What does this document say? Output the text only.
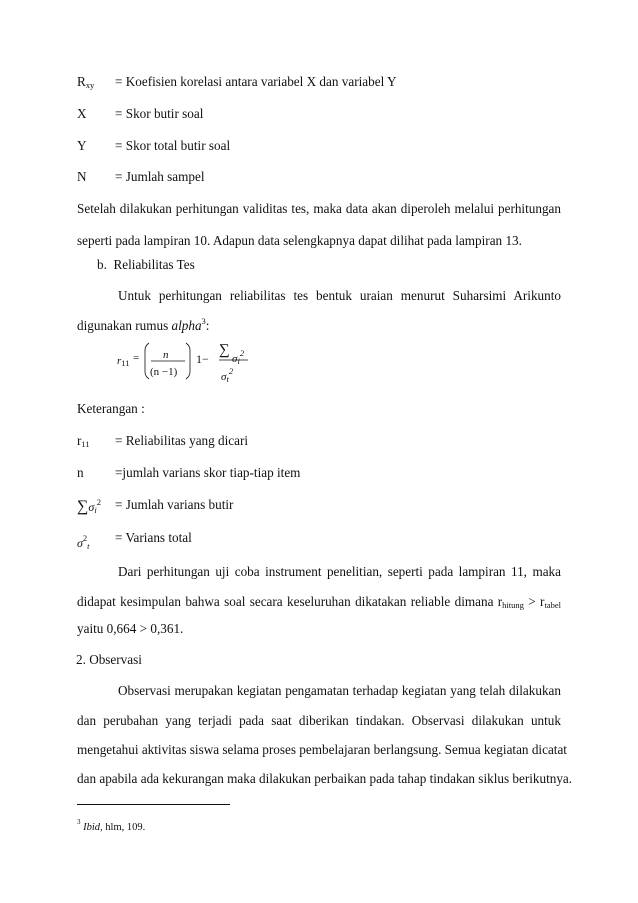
$R_{xy}$ = Koefisien korelasi antara variabel X dan variabel Y
X = Skor butir soal
Y = Skor total butir soal
N = Jumlah sampel
Setelah dilakukan perhitungan validitas tes, maka data akan diperoleh melalui perhitungan
seperti pada lampiran 10. Adapun data selengkapnya dapat dilihat pada lampiran 13.
b. Reliabilitas Tes
Untuk perhitungan reliabilitas tes bentuk uraian menurut Suharsimi Arikunto
digunakan rumus alpha$^3$:
$r_{11} = n$
(n −1)
1−
∑
$\sigma_i^2$
$\sigma_t^2$
Keterangan :
$r_{11}$ = Reliabilitas yang dicari
n =jumlah varians skor tiap-tiap item
$\sum\sigma_i^2$ = Jumlah varians butir
$\sigma^2_t$
= Varians total
Dari perhitungan uji coba instrument penelitian, seperti pada lampiran 11, maka
didapat kesimpulan bahwa soal secara keseluruhan dikatakan reliable dimana $r_{hitung} > r_{tabel}$
yaitu 0,664 > 0,361.
2. Observasi
Observasi merupakan kegiatan pengamatan terhadap kegiatan yang telah dilakukan
dan perubahan yang terjadi pada saat diberikan tindakan. Observasi dilakukan untuk
mengetahui aktivitas siswa selama proses pembelajaran berlangsung. Semua kegiatan dicatat
dan apabila ada kekurangan maka dilakukan perbaikan pada tahap tindakan siklus berikutnya.
$^3$ Ibid, hlm, 109.
